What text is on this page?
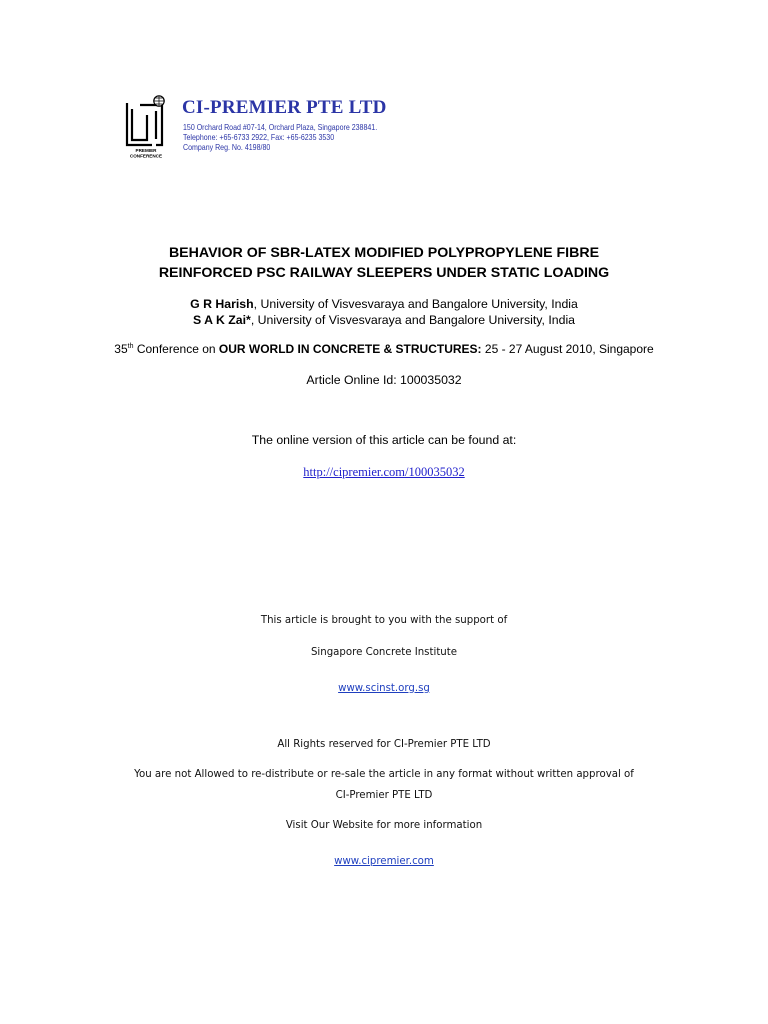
PREMIER
CONFERENCE
CI-PREMIER PTE LTD
150 Orchard Road #07-14, Orchard Plaza, Singapore 238841.
Telephone: +65-6733 2922, Fax: +65-6235 3530
Company Reg. No. 4198/80
BEHAVIOR OF SBR-LATEX MODIFIED POLYPROPYLENE FIBRE
REINFORCED PSC RAILWAY SLEEPERS UNDER STATIC LOADING
G R Harish, University of Visvesvaraya and Bangalore University, India
S A K Zai*, University of Visvesvaraya and Bangalore University, India
35th Conference on OUR WORLD IN CONCRETE & STRUCTURES: 25 - 27 August 2010, Singapore
Article Online Id: 100035032
The online version of this article can be found at:
http://cipremier.com/100035032
This article is brought to you with the support of
Singapore Concrete Institute
www.scinst.org.sg
All Rights reserved for CI-Premier PTE LTD
You are not Allowed to re-distribute or re-sale the article in any format without written approval of
CI-Premier PTE LTD
Visit Our Website for more information
www.cipremier.com
